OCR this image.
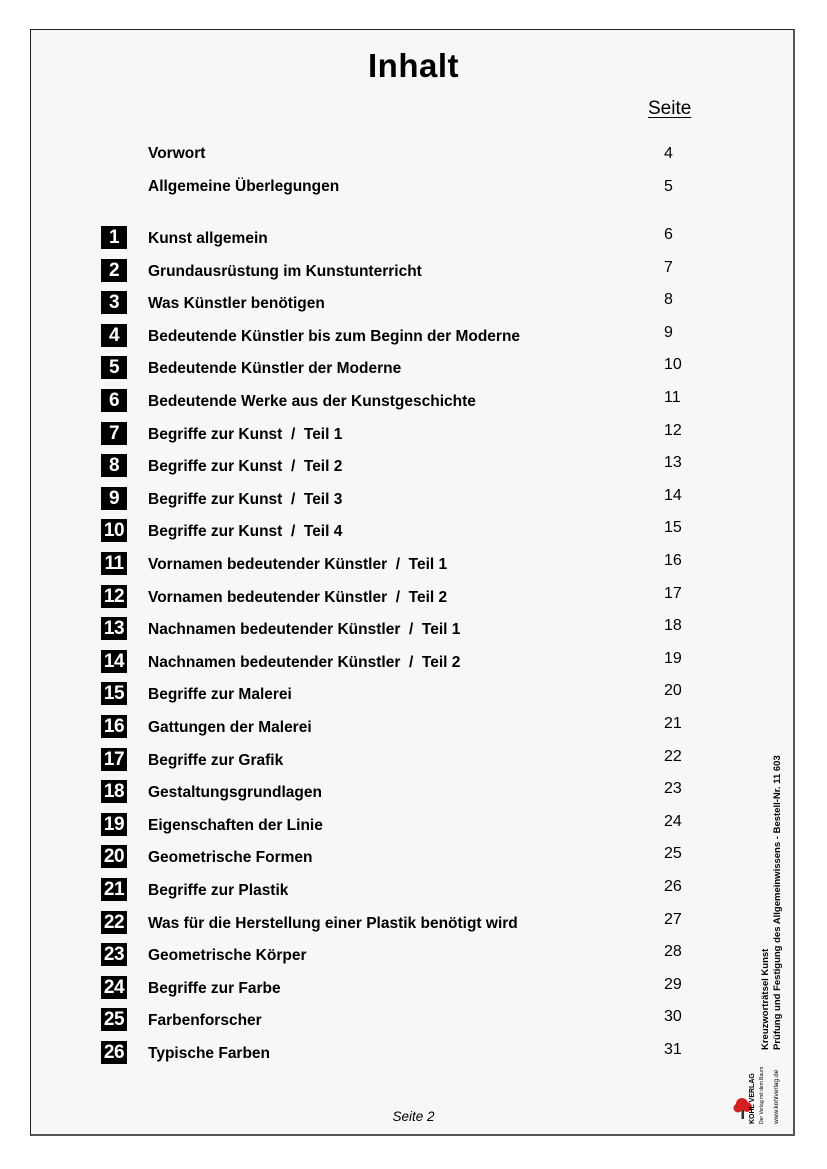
Inhalt
Seite
Vorwort	4
Allgemeine Überlegungen	5
1	Kunst allgemein	6
2	Grundausrüstung im Kunstunterricht	7
3	Was Künstler benötigen	8
4	Bedeutende Künstler bis zum Beginn der Moderne	9
5	Bedeutende Künstler der Moderne	10
6	Bedeutende Werke aus der Kunstgeschichte	11
7	Begriffe zur Kunst  /  Teil 1	12
8	Begriffe zur Kunst  /  Teil 2	13
9	Begriffe zur Kunst  /  Teil 3	14
10 Begriffe zur Kunst  /  Teil 4	15
11 Vornamen bedeutender Künstler  /  Teil 1	16
12 Vornamen bedeutender Künstler  /  Teil 2	17
13 Nachnamen bedeutender Künstler  /  Teil 1	18
14 Nachnamen bedeutender Künstler  /  Teil 2	19
15 Begriffe zur Malerei	20
16 Gattungen der Malerei	21
17 Begriffe zur Grafik	22
18 Gestaltungsgrundlagen	23
19 Eigenschaften der Linie	24
20 Geometrische Formen	25
21 Begriffe zur Plastik	26
22 Was für die Herstellung einer Plastik benötigt wird	27
23 Geometrische Körper	28
24 Begriffe zur Farbe	29
25 Farbenforscher	30
26 Typische Farben	31
Seite 2
Kreuzworträtsel Kunst Prüfung und Festigung des Allgemeinwissens - Bestell-Nr. 11 603
KOHL VERLAG Der Verlag mit dem Baum www.kohlverlag.de
